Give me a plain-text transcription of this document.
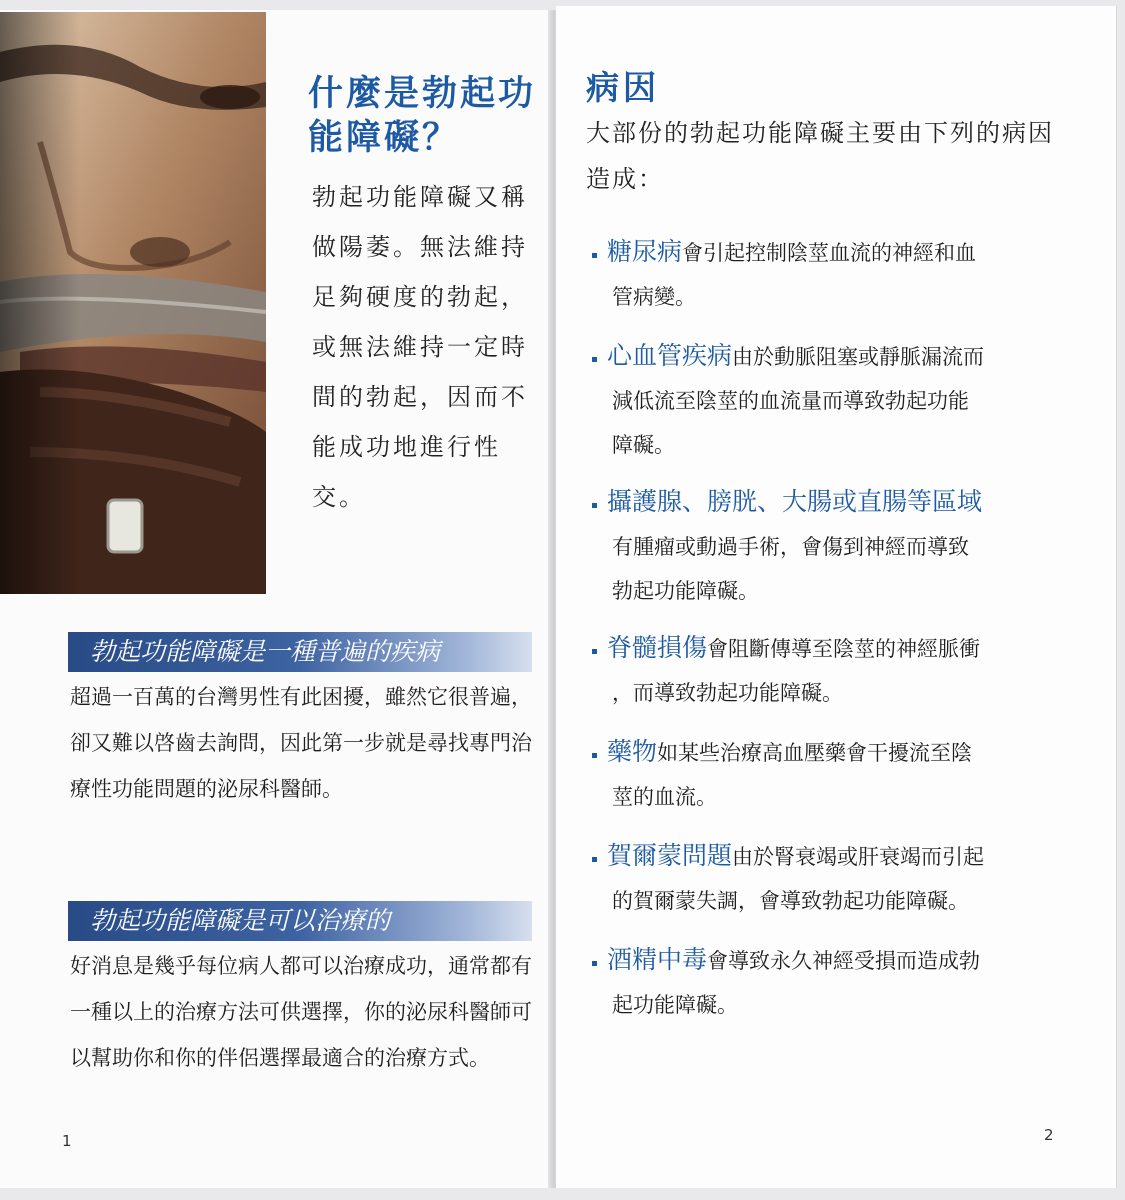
什麼是勃起功能障礙？

勃起功能障礙又稱做陽萎。無法維持足夠硬度的勃起，或無法維持一定時間的勃起，因而不能成功地進行性交。

勃起功能障礙是一種普遍的疾病

超過一百萬的台灣男性有此困擾，雖然它很普遍，卻又難以啓齒去詢問，因此第一步就是尋找專門治療性功能問題的泌尿科醫師。

勃起功能障礙是可以治療的

好消息是幾乎每位病人都可以治療成功，通常都有一種以上的治療方法可供選擇，你的泌尿科醫師可以幫助你和你的伴侶選擇最適合的治療方式。

1
病因

大部份的勃起功能障礙主要由下列的病因造成：

糖尿病會引起控制陰莖血流的神經和血
管病變。
心血管疾病由於動脈阻塞或靜脈漏流而
減低流至陰莖的血流量而導致勃起功能
障礙。
攝護腺、膀胱、大腸或直腸等區域
有腫瘤或動過手術，會傷到神經而導致
勃起功能障礙。
脊髓損傷會阻斷傳導至陰莖的神經脈衝
，而導致勃起功能障礙。
藥物如某些治療高血壓藥會干擾流至陰
莖的血流。
賀爾蒙問題由於腎衰竭或肝衰竭而引起
的賀爾蒙失調，會導致勃起功能障礙。
酒精中毒會導致永久神經受損而造成勃
起功能障礙。
2
